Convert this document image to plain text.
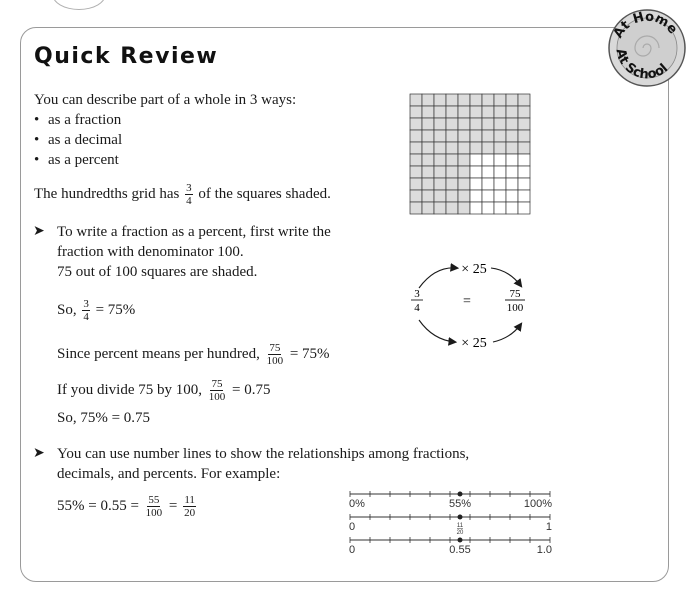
At Home
At School
Quick Review
You can describe part of a whole in 3 ways:
• as a fraction
• as a decimal
• as a percent
The hundredths grid has $\frac{3}{4}$ of the squares shaded.
➤ To write a fraction as a percent, first write the
fraction with denominator 100.
75 out of 100 squares are shaded.
So, $\frac{3}{4} = 75\%$
Since percent means per hundred, $\frac{75}{100} = 75\%$
If you divide 75 by 100, $\frac{75}{100} = 0.75$
So, 75% = 0.75
× 25
3
4	=	75
100
× 25
➤ You can use number lines to show the relationships among fractions,
decimals, and percents. For example:
$55\% = 0.55 = \frac{55}{100} = \frac{11}{20}$	0%	100%
55%
0	1
11
20
0	1.0
0.55
